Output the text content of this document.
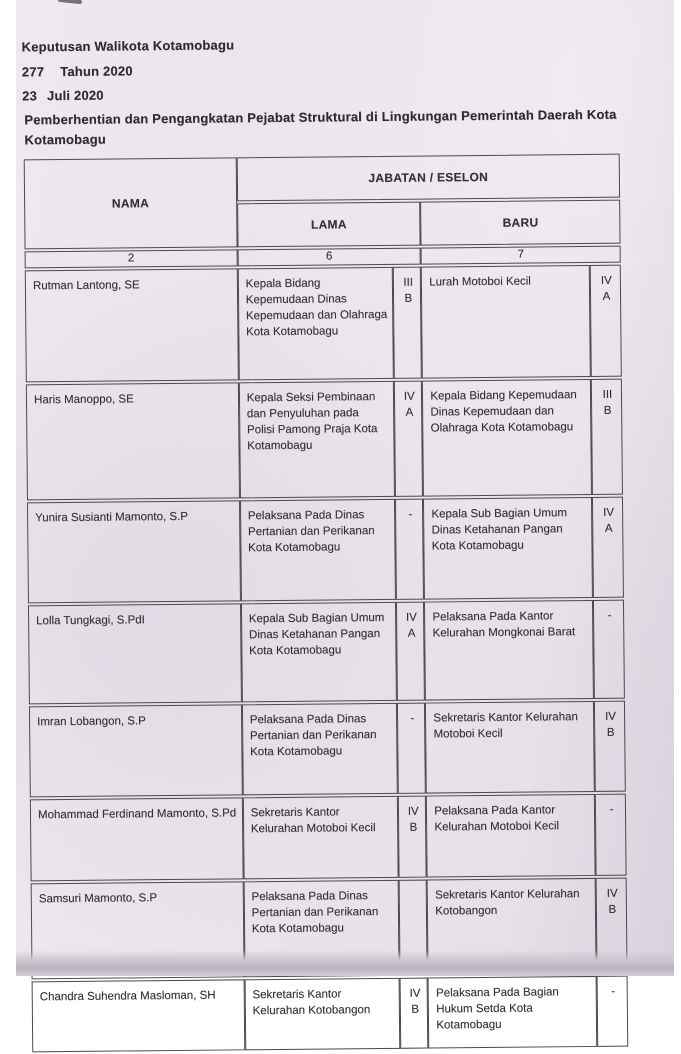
Keputusan Walikota Kotamobagu
277 Tahun 2020
23 Juli 2020
Pemberhentian dan Pengangkatan Pejabat Struktural di Lingkungan Pemerintah Daerah Kota Kotamobagu
NAMA	JABATAN / ESELON			
	LAMA		BARU	
2	6		7	
Rutman Lantong, SE	Kepala Bidang Kepemudaan Dinas Kepemudaan dan Olahraga Kota Kotamobagu	III B	Lurah Motoboi Kecil	IV A
Haris Manoppo, SE	Kepala Seksi Pembinaan dan Penyuluhan pada Polisi Pamong Praja Kota Kotamobagu	IV A	Kepala Bidang Kepemudaan Dinas Kepemudaan dan Olahraga Kota Kotamobagu	III B
Yunira Susianti Mamonto, S.P	Pelaksana Pada Dinas Pertanian dan Perikanan Kota Kotamobagu	-	Kepala Sub Bagian Umum Dinas Ketahanan Pangan Kota Kotamobagu	IV A
Lolla Tungkagi, S.PdI	Kepala Sub Bagian Umum Dinas Ketahanan Pangan Kota Kotamobagu	IV A	Pelaksana Pada Kantor Kelurahan Mongkonai Barat	-
Imran Lobangon, S.P	Pelaksana Pada Dinas Pertanian dan Perikanan Kota Kotamobagu	-	Sekretaris Kantor Kelurahan Motoboi Kecil	IV B
Mohammad Ferdinand Mamonto, S.Pd	Sekretaris Kantor Kelurahan Motoboi Kecil	IV B	Pelaksana Pada Kantor Kelurahan Motoboi Kecil	-
Samsuri Mamonto, S.P	Pelaksana Pada Dinas Pertanian dan Perikanan Kota Kotamobagu		Sekretaris Kantor Kelurahan Kotobangon	IV B
Chandra Suhendra Masloman, SH	Sekretaris Kantor Kelurahan Kotobangon	IV B	Pelaksana Pada Bagian Hukum Setda Kota Kotamobagu	-
